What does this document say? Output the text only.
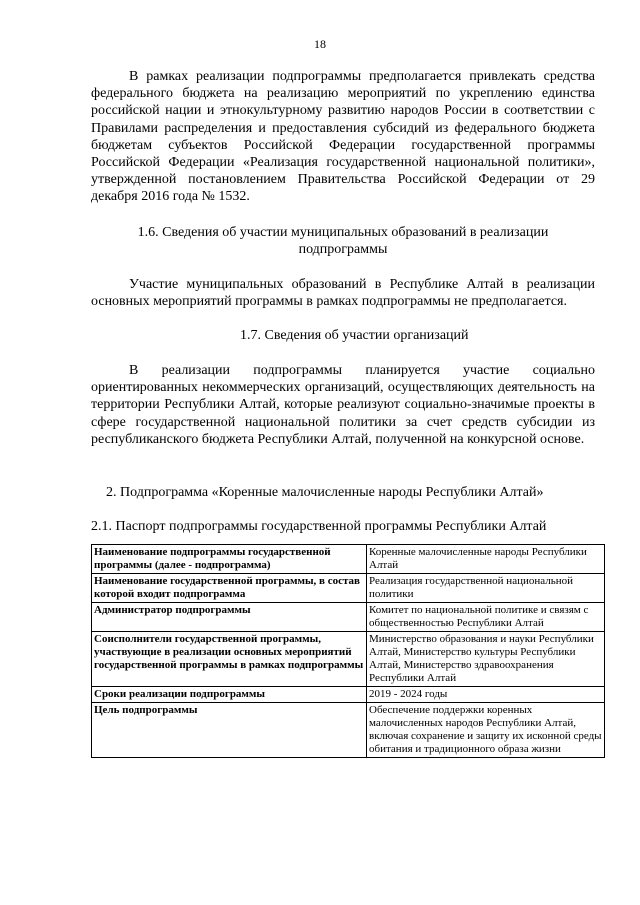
18

В рамках реализации подпрограммы предполагается привлекать средства федерального бюджета на реализацию мероприятий по укреплению единства российской нации и этнокультурному развитию народов России в соответствии с Правилами распределения и предоставления субсидий из федерального бюджета бюджетам субъектов Российской Федерации государственной программы Российской Федерации «Реализация государственной национальной политики», утвержденной постановлением Правительства Российской Федерации от 29 декабря 2016 года № 1532.

1.6. Сведения об участии муниципальных образований в реализации
подпрограммы

Участие муниципальных образований в Республике Алтай в реализации основных мероприятий программы в рамках подпрограммы не предполагается.

1.7. Сведения об участии организаций

В реализации подпрограммы планируется участие социально ориентированных некоммерческих организаций, осуществляющих деятельность на территории Республики Алтай, которые реализуют социально-значимые проекты в сфере государственной национальной политики за счет средств субсидии из республиканского бюджета Республики Алтай, полученной на конкурсной основе.

2. Подпрограмма «Коренные малочисленные народы Республики Алтай»

2.1. Паспорт подпрограммы государственной программы Республики Алтай

Наименование подпрограммы государственной программы (далее - подпрограмма)	Коренные малочисленные народы Республики Алтай
Наименование государственной программы, в состав которой входит подпрограмма	Реализация государственной национальной политики
Администратор подпрограммы	Комитет по национальной политике и связям с общественностью Республики Алтай
Соисполнители государственной программы, участвующие в реализации основных мероприятий государственной программы в рамках подпрограммы	Министерство образования и науки Республики Алтай, Министерство культуры Республики Алтай, Министерство здравоохранения Республики Алтай
Сроки реализации подпрограммы	2019 - 2024 годы
Цель подпрограммы	Обеспечение поддержки коренных малочисленных народов Республики Алтай, включая сохранение и защиту их исконной среды обитания и традиционного образа жизни
